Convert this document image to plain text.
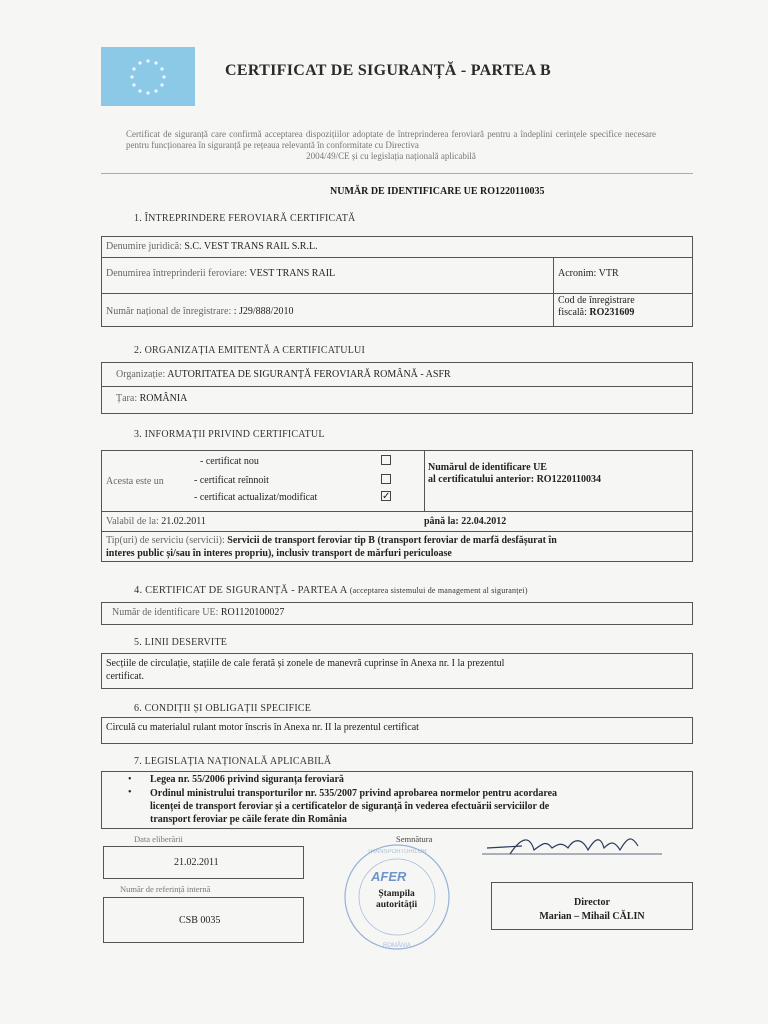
CERTIFICAT DE SIGURANȚĂ - PARTEA B
Certificat de siguranță care confirmă acceptarea dispozițiilor adoptate de întreprinderea feroviară pentru a îndeplini cerințele specifice necesare pentru funcționarea în siguranță pe rețeaua relevantă în conformitate cu Directiva
2004/49/CE și cu legislația națională aplicabilă
NUMĂR DE IDENTIFICARE UE RO1220110035
1. ÎNTREPRINDERE FEROVIARĂ CERTIFICATĂ
Denumire juridică: S.C. VEST TRANS RAIL S.R.L.
Denumirea întreprinderii feroviare: VEST TRANS RAIL	Acronim: VTR
Număr național de înregistrare: : J29/888/2010
Cod de înregistrare
fiscală: RO231609
2. ORGANIZAȚIA EMITENTĂ A CERTIFICATULUI
Organizație: AUTORITATEA DE SIGURANȚĂ FEROVIARĂ ROMÂNĂ - ASFR
Țara: ROMÂNIA
3. INFORMAȚII PRIVIND CERTIFICATUL
Acesta este un
- certificat nou
- certificat reînnoit
- certificat actualizat/modificat	✓
Numărul de identificare UE
al certificatului anterior: RO1220110034
Valabil de la: 21.02.2011	până la: 22.04.2012
Tip(uri) de serviciu (servicii): Servicii de transport feroviar tip B (transport feroviar de marfă desfășurat în
interes public și/sau în interes propriu), inclusiv transport de mărfuri periculoase
4. CERTIFICAT DE SIGURANȚĂ - PARTEA A (acceptarea sistemului de management al siguranței)
Număr de identificare UE: RO1120100027
5. LINII DESERVITE
Secțiile de circulație, stațiile de cale ferată și zonele de manevră cuprinse în Anexa nr. I la prezentul
certificat.
6. CONDIȚII ȘI OBLIGAȚII SPECIFICE
Circulă cu materialul rulant motor înscris în Anexa nr. II la prezentul certificat
7. LEGISLAȚIA NAȚIONALĂ APLICABILĂ
• Legea nr. 55/2006 privind siguranța feroviară
• Ordinul ministrului transporturilor nr. 535/2007 privind aprobarea normelor pentru acordarea
licenței de transport feroviar și a certificatelor de siguranță în vederea efectuării serviciilor de
transport feroviar pe căile ferate din România
Data eliberării
21.02.2011
Număr de referință internă
CSB 0035
Semnătura
TRANSPORTURILOR
ROMÂNIA
AFER
Ștampila
autorității	Director
Marian – Mihail CĂLIN
